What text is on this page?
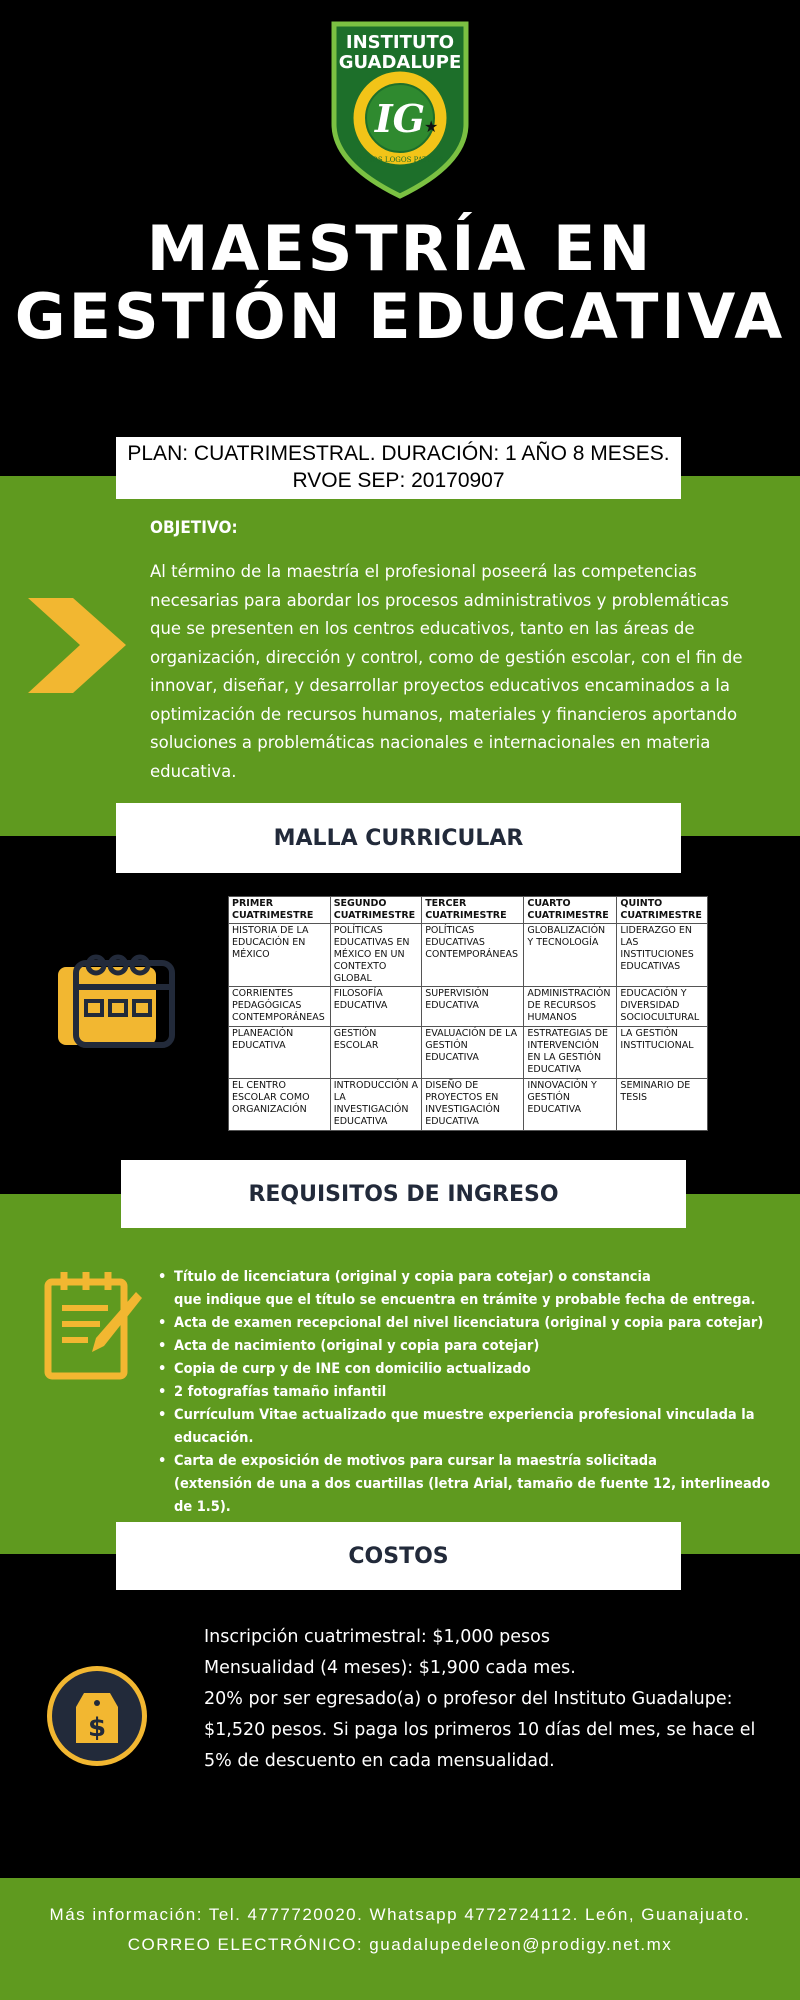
IG
★
INSTITUTO
GUADALUPE
ETHOS LOGOS PATHOS
MAESTRÍA EN
GESTIÓN EDUCATIVA
PLAN: CUATRIMESTRAL. DURACIÓN: 1 AÑO 8 MESES. RVOE SEP: 20170907
OBJETIVO:
Al término de la maestría el profesional poseerá las competencias necesarias para abordar los procesos administrativos y problemáticas que se presenten en los centros educativos, tanto en las áreas de organización, dirección y control, como de gestión escolar, con el fin de innovar, diseñar, y desarrollar proyectos educativos encaminados a la optimización de recursos humanos, materiales y financieros aportando soluciones a problemáticas nacionales e internacionales en materia educativa.
MALLA CURRICULAR
PRIMER CUATRIMESTRE	SEGUNDO CUATRIMESTRE	TERCER CUATRIMESTRE	CUARTO CUATRIMESTRE	QUINTO CUATRIMESTRE
HISTORIA DE LA EDUCACIÓN EN MÉXICO	POLÍTICAS EDUCATIVAS EN MÉXICO EN UN CONTEXTO GLOBAL	POLÍTICAS EDUCATIVAS CONTEMPORÁNEAS	GLOBALIZACIÓN Y TECNOLOGÍA	LIDERAZGO EN LAS INSTITUCIONES EDUCATIVAS
CORRIENTES PEDAGÓGICAS CONTEMPORÁNEAS	FILOSOFÍA EDUCATIVA	SUPERVISIÓN EDUCATIVA	ADMINISTRACIÓN DE RECURSOS HUMANOS	EDUCACIÓN Y DIVERSIDAD SOCIOCULTURAL
PLANEACIÓN EDUCATIVA	GESTIÓN ESCOLAR	EVALUACIÓN DE LA GESTIÓN EDUCATIVA	ESTRATEGIAS DE INTERVENCIÓN EN LA GESTIÓN EDUCATIVA	LA GESTIÓN INSTITUCIONAL
EL CENTRO ESCOLAR COMO ORGANIZACIÓN	INTRODUCCIÓN A LA INVESTIGACIÓN EDUCATIVA	DISEÑO DE PROYECTOS EN INVESTIGACIÓN EDUCATIVA	INNOVACIÓN Y GESTIÓN EDUCATIVA	SEMINARIO DE TESIS
REQUISITOS DE INGRESO
• Título de licenciatura (original y copia para cotejar) o constancia
que indique que el título se encuentra en trámite y probable fecha de entrega.
• Acta de examen recepcional del nivel licenciatura (original y copia para cotejar)
• Acta de nacimiento (original y copia para cotejar)
• Copia de curp y de INE con domicilio actualizado
• 2 fotografías tamaño infantil
• Currículum Vitae actualizado que muestre experiencia profesional vinculada la educación.
• Carta de exposición de motivos para cursar la maestría solicitada
(extensión de una a dos cuartillas (letra Arial, tamaño de fuente 12, interlineado de 1.5).
COSTOS
$
Inscripción cuatrimestral: $1,000 pesos
Mensualidad (4 meses): $1,900 cada mes.
20% por ser egresado(a) o profesor del Instituto Guadalupe: $1,520 pesos. Si paga los primeros 10 días del mes, se hace el 5% de descuento en cada mensualidad.
Más información: Tel. 4777720020. Whatsapp 4772724112. León, Guanajuato.
CORREO ELECTRÓNICO: guadalupedeleon@prodigy.net.mx
